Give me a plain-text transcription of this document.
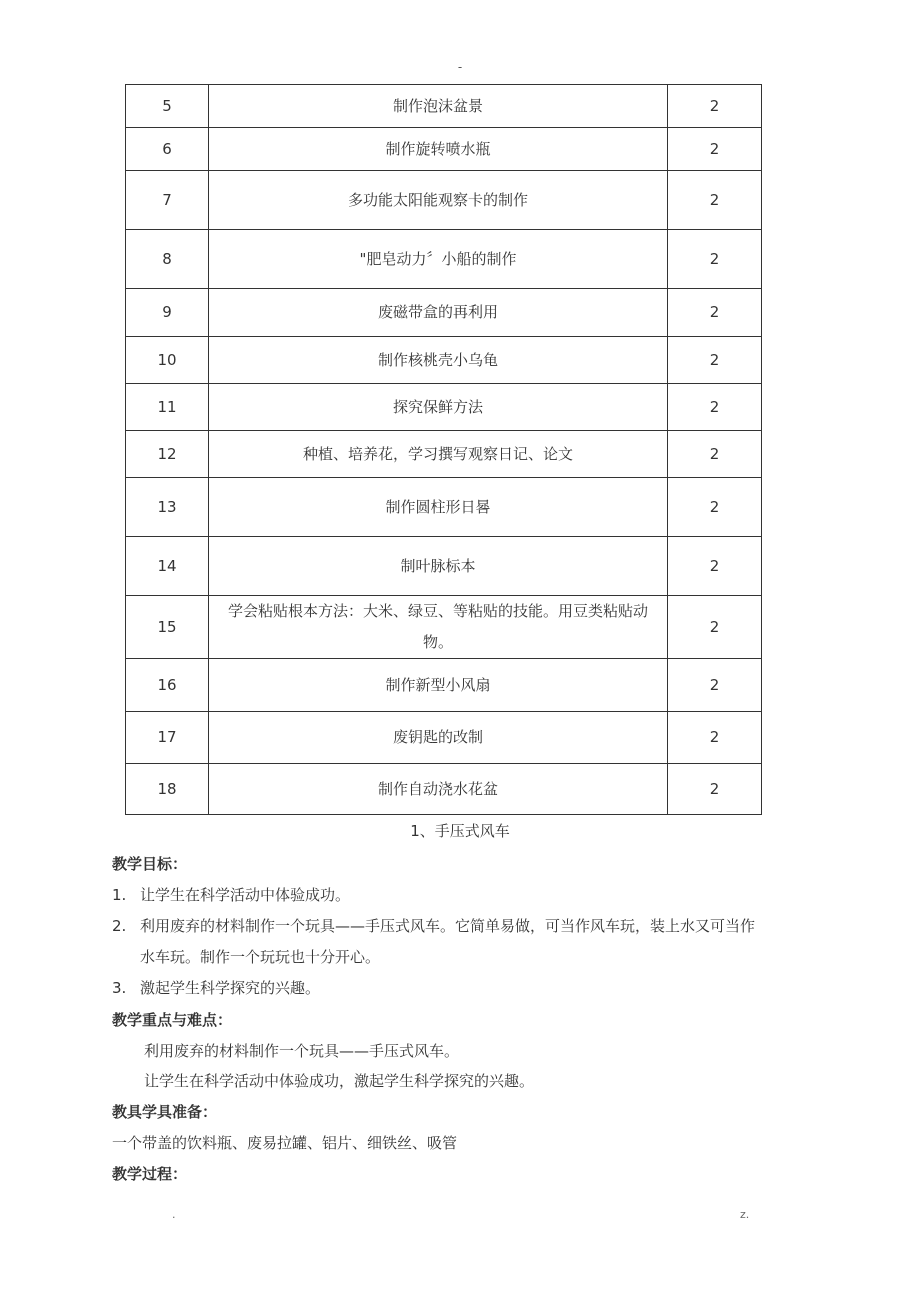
-
5	制作泡沫盆景	2
6	制作旋转喷水瓶	2
7	多功能太阳能观察卡的制作	2
8	"肥皂动力〞小船的制作	2
9	废磁带盒的再利用	2
10	制作核桃壳小乌龟	2
11	探究保鲜方法	2
12	种植、培养花，学习撰写观察日记、论文	2
13	制作圆柱形日晷	2
14	制叶脉标本	2
15	学会粘贴根本方法：大米、绿豆、等粘贴的技能。用豆类粘贴动物。	2
16	制作新型小风扇	2
17	废钥匙的改制	2
18	制作自动浇水花盆	2
1、手压式风车
教学目标：
1. 让学生在科学活动中体验成功。
2. 利用废弃的材料制作一个玩具——手压式风车。它简单易做，可当作风车玩，装上水又可当作
水车玩。制作一个玩玩也十分开心。
3. 激起学生科学探究的兴趣。
教学重点与难点：
利用废弃的材料制作一个玩具——手压式风车。
让学生在科学活动中体验成功，激起学生科学探究的兴趣。
教具学具准备：
一个带盖的饮料瓶、废易拉罐、铝片、细铁丝、吸管
教学过程：
.	z.
